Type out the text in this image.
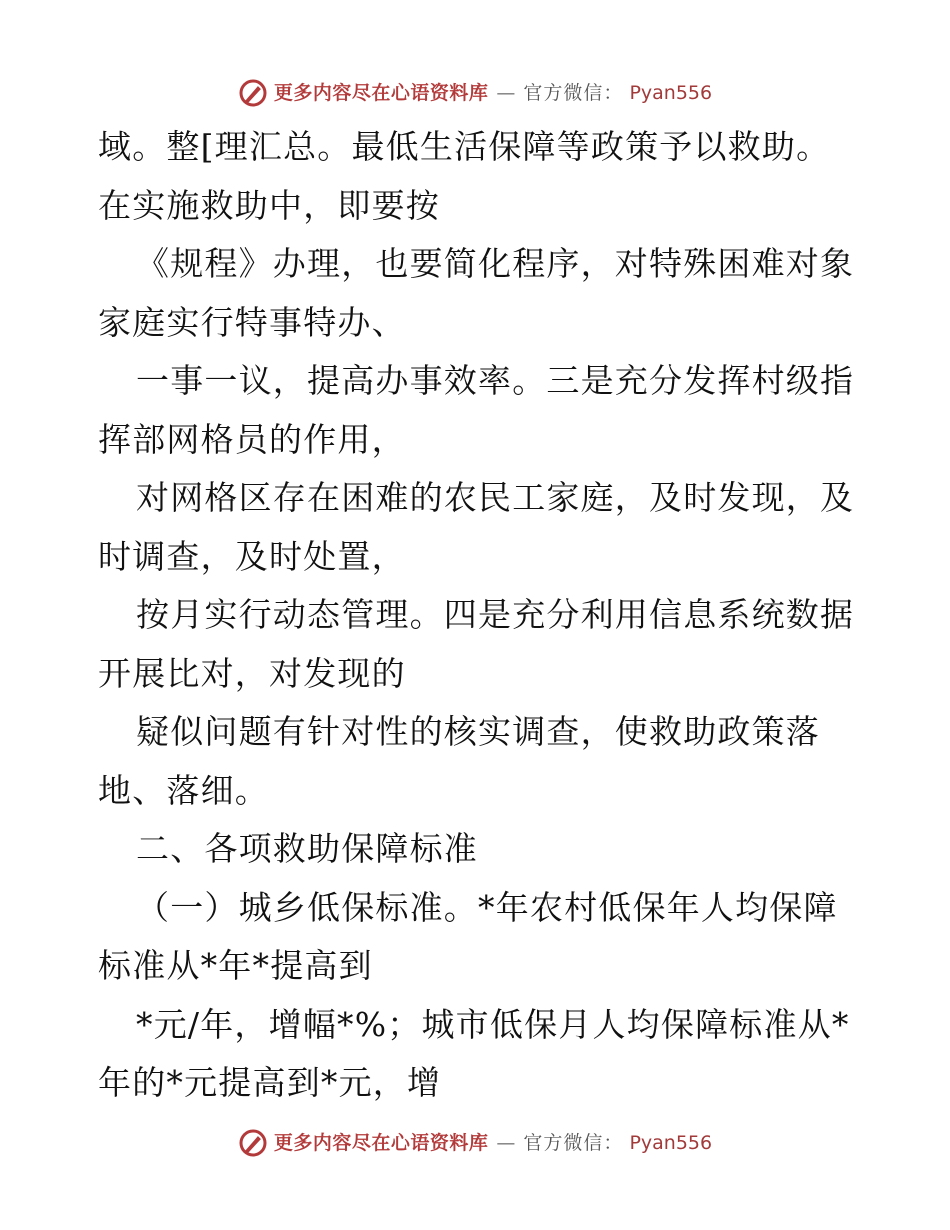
更多内容尽在心语资料库 — 官方微信： Pyan556
域。整[理汇总。最低生活保障等政策予以救助。
在实施救助中，即要按
《规程》办理，也要简化程序，对特殊困难对象
家庭实行特事特办、
一事一议，提高办事效率。三是充分发挥村级指
挥部网格员的作用，
对网格区存在困难的农民工家庭，及时发现，及
时调查，及时处置，
按月实行动态管理。四是充分利用信息系统数据
开展比对，对发现的
疑似问题有针对性的核实调查，使救助政策落
地、落细。
二、各项救助保障标准
（一）城乡低保标准。*年农村低保年人均保障
标准从*年*提高到
*元/年，增幅*%；城市低保月人均保障标准从*
年的*元提高到*元，增
更多内容尽在心语资料库 — 官方微信： Pyan556
